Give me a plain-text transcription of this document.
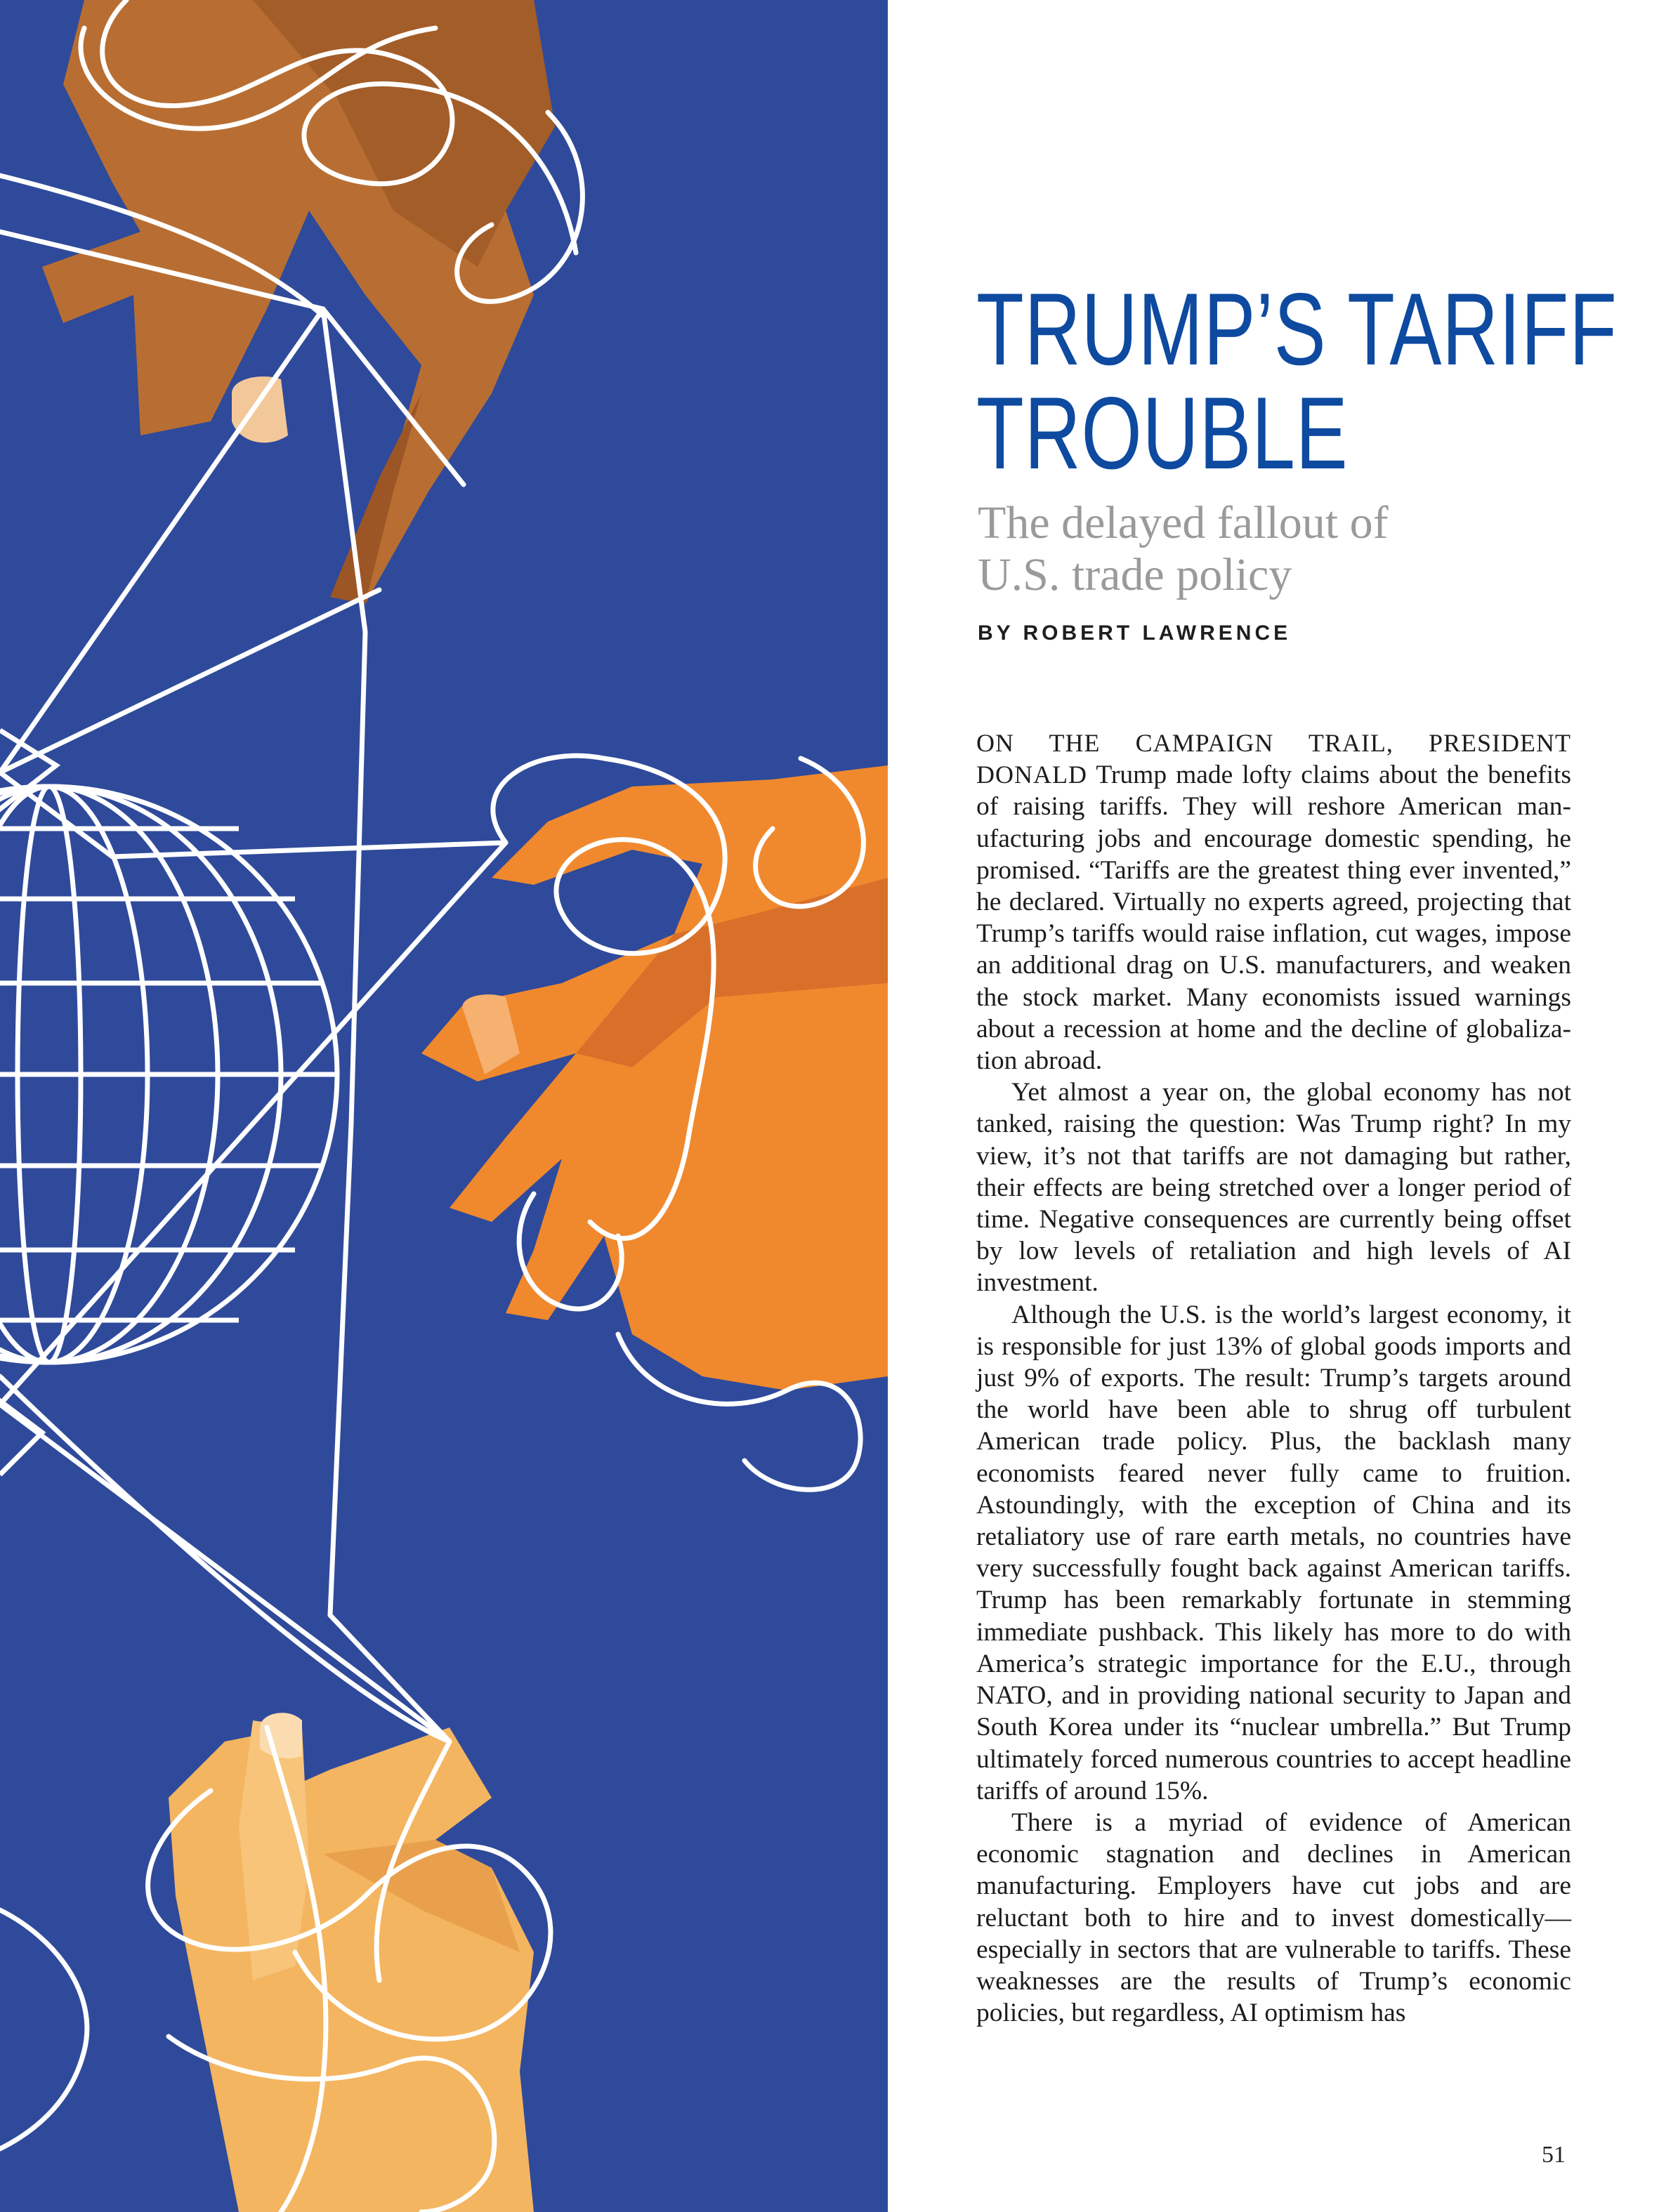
TRUMP’S TARIFF
TROUBLE
The delayed fallout of
U.S. trade policy
BY ROBERT LAWRENCE

ON THE CAMPAIGN TRAIL, PRESIDENT DONALD Trump made lofty claims about the benefits of raising tariffs. They will reshore American manufacturing jobs and encourage domestic spending, he promised. “Tariffs are the greatest thing ever invented,” he declared. Virtually no experts agreed, projecting that Trump’s tariffs would raise inflation, cut wages, impose an additional drag on U.S. manufacturers, and weaken the stock market. Many economists issued warnings about a recession at home and the decline of globalization abroad.

Yet almost a year on, the global economy has not tanked, raising the question: Was Trump right? In my view, it’s not that tariffs are not damaging but rather, their effects are being stretched over a longer period of time. Negative consequences are currently being offset by low levels of retaliation and high levels of AI investment.

Although the U.S. is the world’s largest economy, it is responsible for just 13% of global goods imports and just 9% of exports. The result: Trump’s targets around the world have been able to shrug off turbulent American trade policy. Plus, the backlash many economists feared never fully came to fruition. Astoundingly, with the exception of China and its retaliatory use of rare earth metals, no countries have very successfully fought back against American tariffs. Trump has been remarkably fortunate in stemming immediate pushback. This likely has more to do with America’s strategic importance for the E.U., through NATO, and in providing national security to Japan and South Korea under its “nuclear umbrella.” But Trump ultimately forced numerous countries to accept headline tariffs of around 15%.

There is a myriad of evidence of American economic stagnation and declines in American manufacturing. Employers have cut jobs and are reluctant both to hire and to invest domestically— especially in sectors that are vulnerable to tariffs. These weaknesses are the results of Trump’s economic policies, but regardless, AI optimism has

51
